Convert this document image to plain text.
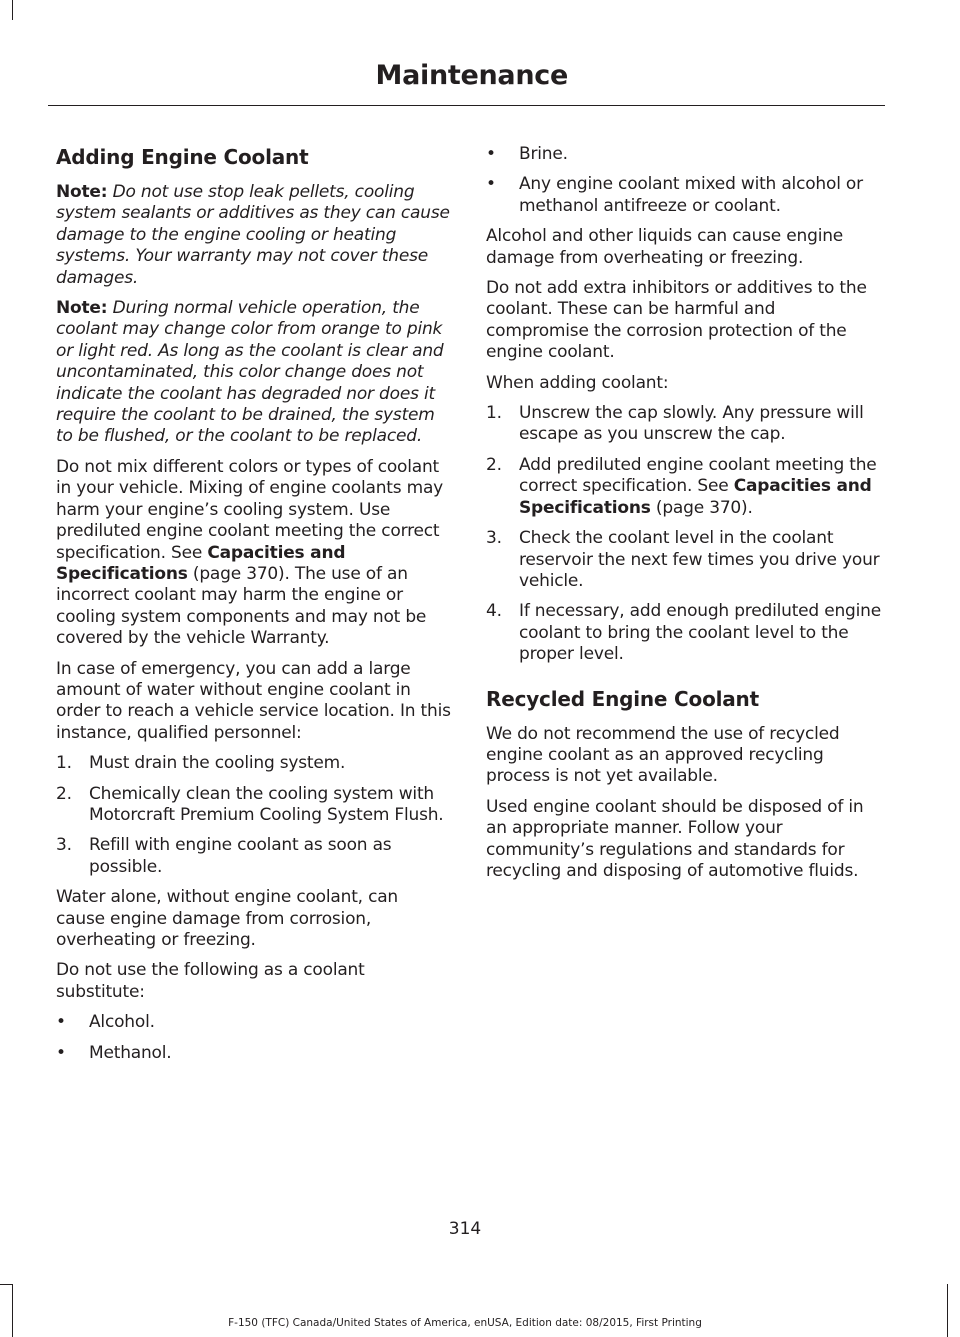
Maintenance
Adding Engine Coolant

Note: Do not use stop leak pellets, cooling system sealants or additives as they can cause damage to the engine cooling or heating systems. Your warranty may not cover these damages.

Note: During normal vehicle operation, the coolant may change color from orange to pink or light red. As long as the coolant is clear and uncontaminated, this color change does not indicate the coolant has degraded nor does it require the coolant to be drained, the system to be flushed, or the coolant to be replaced.

Do not mix different colors or types of coolant in your vehicle. Mixing of engine coolants may harm your engine’s cooling system. Use prediluted engine coolant meeting the correct specification. See Capacities and Specifications (page 370). The use of an incorrect coolant may harm the engine or cooling system components and may not be covered by the vehicle Warranty.

In case of emergency, you can add a large amount of water without engine coolant in order to reach a vehicle service location. In this instance, qualified personnel:

1. Must drain the cooling system.
2. Chemically clean the cooling system with Motorcraft Premium Cooling System Flush.
3. Refill with engine coolant as soon as possible.

Water alone, without engine coolant, can cause engine damage from corrosion, overheating or freezing.

Do not use the following as a coolant substitute:

• Alcohol.
• Methanol.
• Brine.
• Any engine coolant mixed with alcohol or methanol antifreeze or coolant.

Alcohol and other liquids can cause engine damage from overheating or freezing.

Do not add extra inhibitors or additives to the coolant. These can be harmful and compromise the corrosion protection of the engine coolant.

When adding coolant:

1. Unscrew the cap slowly. Any pressure will escape as you unscrew the cap.
2. Add prediluted engine coolant meeting the correct specification. See Capacities and Specifications (page 370).
3. Check the coolant level in the coolant reservoir the next few times you drive your vehicle.
4. If necessary, add enough prediluted engine coolant to bring the coolant level to the proper level.
Recycled Engine Coolant

We do not recommend the use of recycled engine coolant as an approved recycling process is not yet available.

Used engine coolant should be disposed of in an appropriate manner. Follow your community’s regulations and standards for recycling and disposing of automotive fluids.

314
F-150 (TFC) Canada/United States of America, enUSA, Edition date: 08/2015, First Printing
